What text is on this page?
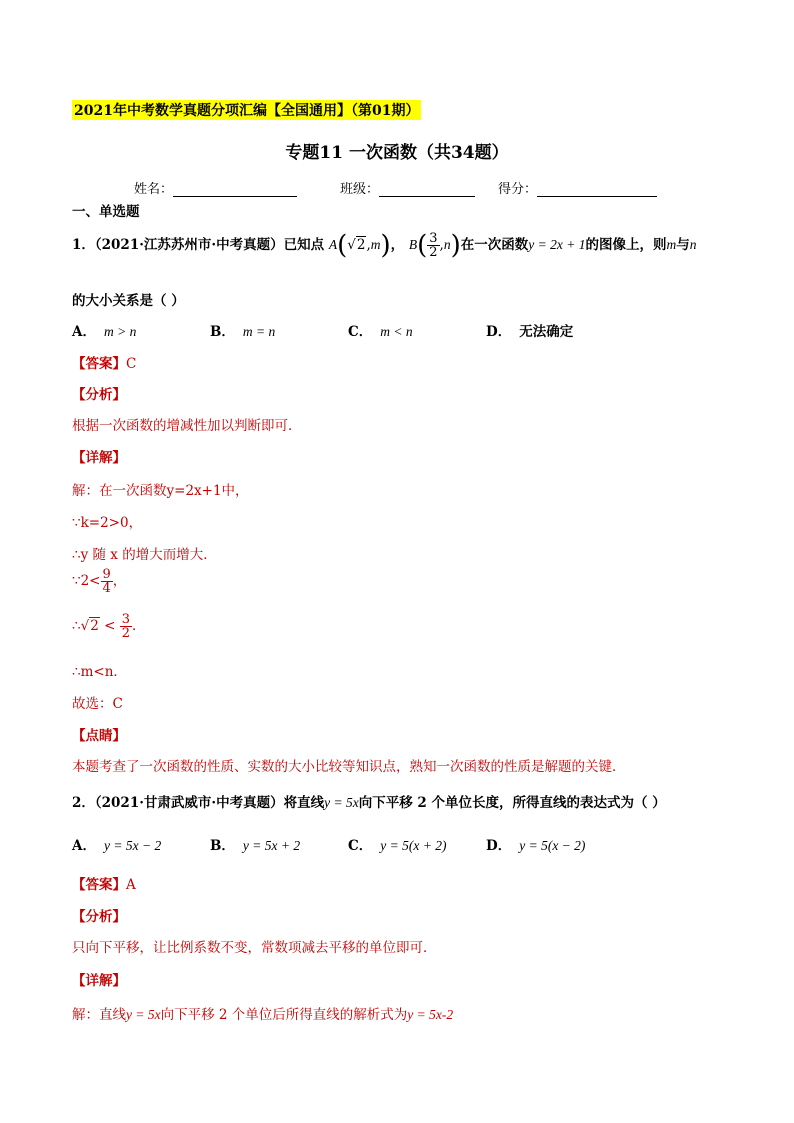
2021年中考数学真题分项汇编【全国通用】（第01期）
专题11 一次函数（共34题）
姓名：	班级：	得分：
一、单选题
1．（2021·江苏苏州市·中考真题）已知点 A(√2,m)， $B( \frac{3}{2} ,n)$在一次函数y = 2x + 1的图像上，则m与n
的大小关系是（ ）
A． m > n	B． m = n	C． m < n	D． 无法确定
【答案】C
【分析】
根据一次函数的增减性加以判断即可．
【详解】
解：在一次函数y=2x+1中，
∵k=2>0，
∴y 随 x 的增大而增大．
∵2< $\frac{9}{4}$ ，
∴√2 < $\frac{3}{2}$ ．
∴m<n．
故选：C
【点睛】
本题考查了一次函数的性质、实数的大小比较等知识点，熟知一次函数的性质是解题的关键．
2．（2021·甘肃武威市·中考真题）将直线y = 5x向下平移 2 个单位长度，所得直线的表达式为（ ）
A． y = 5x − 2	B． y = 5x + 2	C． y = 5(x + 2)	D． y = 5(x − 2)
【答案】A
【分析】
只向下平移，让比例系数不变，常数项减去平移的单位即可．
【详解】
解：直线y = 5x向下平移 2 个单位后所得直线的解析式为y = 5x-2
